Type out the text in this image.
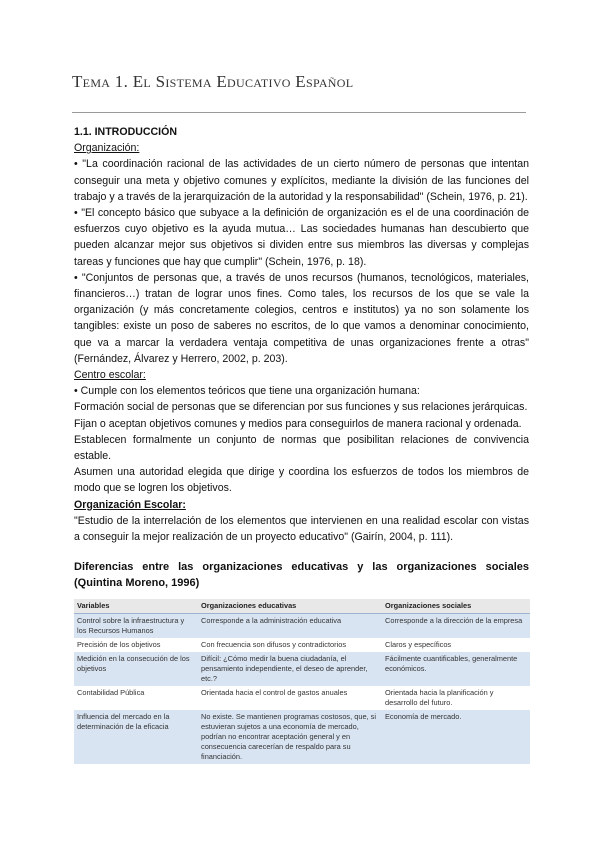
Tema 1. El Sistema Educativo Español
1.1. INTRODUCCIÓN
Organización:
• "La coordinación racional de las actividades de un cierto número de personas que intentan conseguir una meta y objetivo comunes y explícitos, mediante la división de las funciones del trabajo y a través de la jerarquización de la autoridad y la responsabilidad" (Schein, 1976, p. 21).
• "El concepto básico que subyace a la definición de organización es el de una coordinación de esfuerzos cuyo objetivo es la ayuda mutua… Las sociedades humanas han descubierto que pueden alcanzar mejor sus objetivos si dividen entre sus miembros las diversas y complejas tareas y funciones que hay que cumplir" (Schein, 1976, p. 18).
• "Conjuntos de personas que, a través de unos recursos (humanos, tecnológicos, materiales, financieros…) tratan de lograr unos fines. Como tales, los recursos de los que se vale la organización (y más concretamente colegios, centros e institutos) ya no son solamente los tangibles: existe un poso de saberes no escritos, de lo que vamos a denominar conocimiento, que va a marcar la verdadera ventaja competitiva de unas organizaciones frente a otras" (Fernández, Álvarez y Herrero, 2002, p. 203).
Centro escolar:
• Cumple con los elementos teóricos que tiene una organización humana:
Formación social de personas que se diferencian por sus funciones y sus relaciones jerárquicas.
Fijan o aceptan objetivos comunes y medios para conseguirlos de manera racional y ordenada.
Establecen formalmente un conjunto de normas que posibilitan relaciones de convivencia estable.
Asumen una autoridad elegida que dirige y coordina los esfuerzos de todos los miembros de modo que se logren los objetivos.
Organización Escolar:
"Estudio de la interrelación de los elementos que intervienen en una realidad escolar con vistas a conseguir la mejor realización de un proyecto educativo" (Gairín, 2004, p. 111).
Diferencias entre las organizaciones educativas y las organizaciones sociales (Quintina Moreno, 1996)
Variables	Organizaciones educativas	Organizaciones sociales
Control sobre la infraestructura y los Recursos Humanos	Corresponde a la administración educativa	Corresponde a la dirección de la empresa
Precisión de los objetivos	Con frecuencia son difusos y contradictorios	Claros y específicos
Medición en la consecución de los objetivos	Difícil: ¿Cómo medir la buena ciudadanía, el pensamiento independiente, el deseo de aprender, etc.?	Fácilmente cuantificables, generalmente económicos.
Contabilidad Pública	Orientada hacia el control de gastos anuales	Orientada hacia la planificación y desarrollo del futuro.
Influencia del mercado en la determinación de la eficacia	No existe. Se mantienen programas costosos, que, si estuvieran sujetos a una economía de mercado, podrían no encontrar aceptación general y en consecuencia carecerían de respaldo para su financiación.	Economía de mercado.
